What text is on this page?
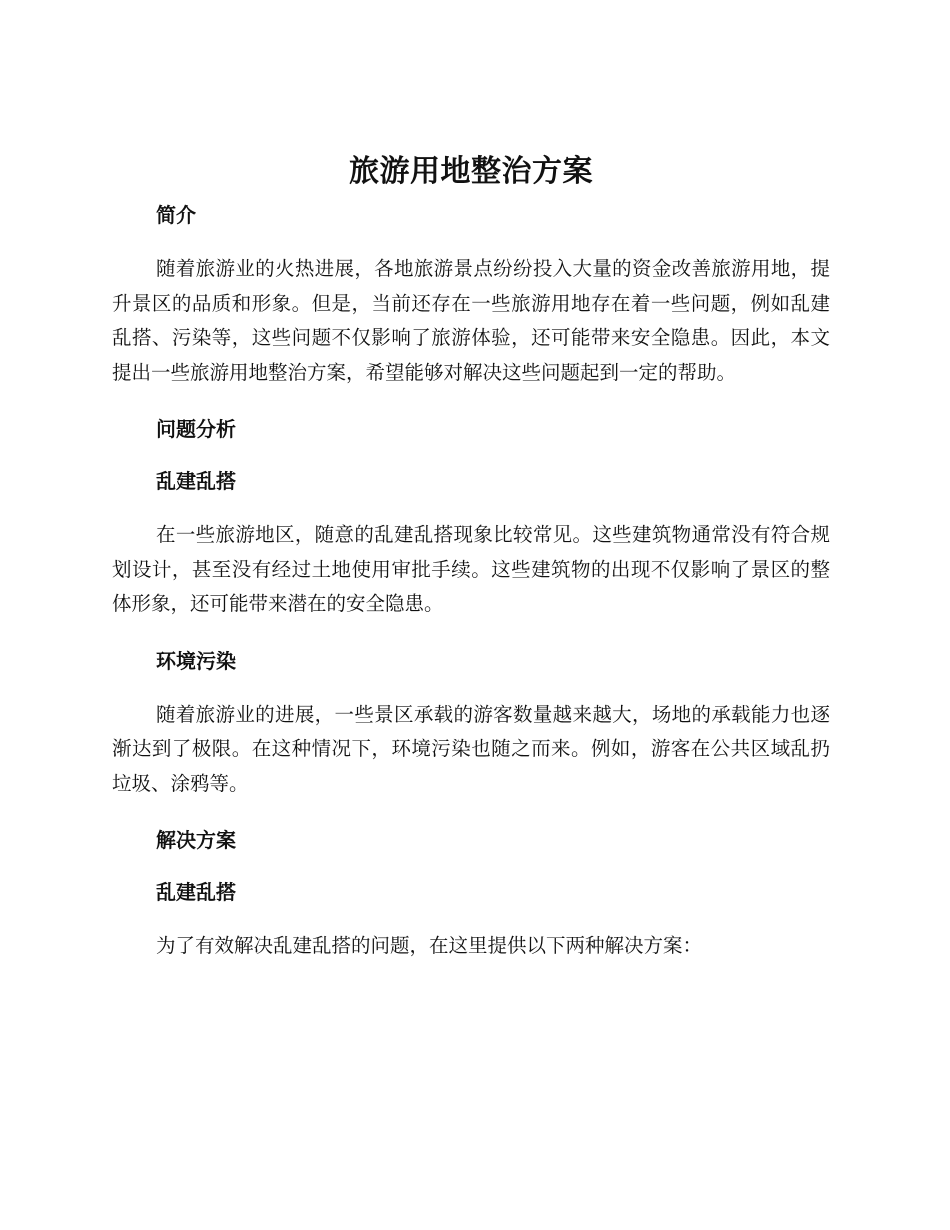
旅游用地整治方案
简介

随着旅游业的火热进展，各地旅游景点纷纷投入大量的资金改善旅游用地，提升景区的品质和形象。但是，当前还存在一些旅游用地存在着一些问题，例如乱建乱搭、污染等，这些问题不仅影响了旅游体验，还可能带来安全隐患。因此，本文提出一些旅游用地整治方案，希望能够对解决这些问题起到一定的帮助。

问题分析
乱建乱搭

在一些旅游地区，随意的乱建乱搭现象比较常见。这些建筑物通常没有符合规划设计，甚至没有经过土地使用审批手续。这些建筑物的出现不仅影响了景区的整体形象，还可能带来潜在的安全隐患。

环境污染

随着旅游业的进展，一些景区承载的游客数量越来越大，场地的承载能力也逐渐达到了极限。在这种情况下，环境污染也随之而来。例如，游客在公共区域乱扔垃圾、涂鸦等。

解决方案
乱建乱搭

为了有效解决乱建乱搭的问题，在这里提供以下两种解决方案：
